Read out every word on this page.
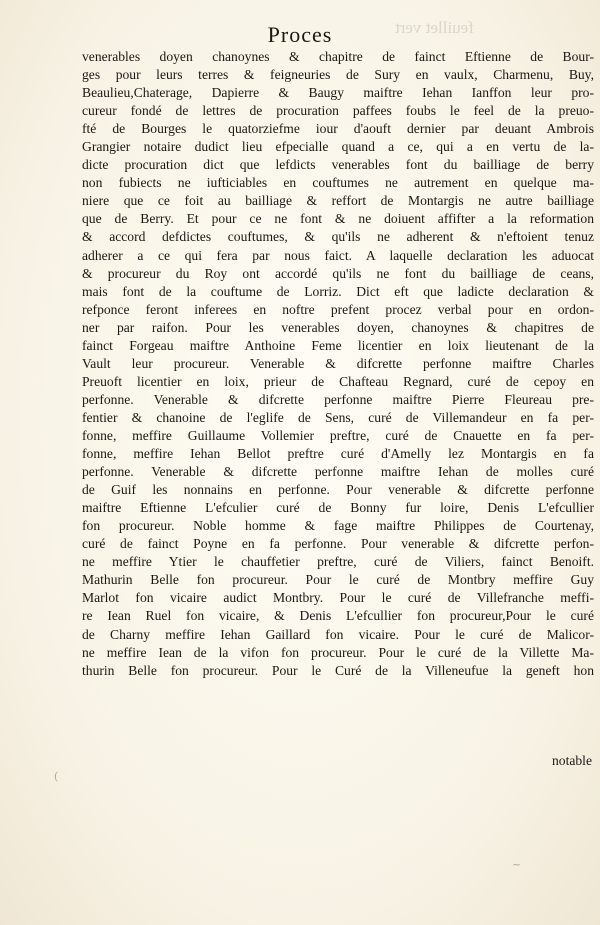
feuillet vert
Proces
venerables doyen chanoynes & chapitre de fainct Eftienne de Bour-
ges pour leurs terres & feigneuries de Sury en vaulx, Charmenu, Buy,
Beaulieu,Chaterage, Dapierre & Baugy maiftre Iehan Ianffon leur pro-
cureur fondé de lettres de procuration paffees foubs le feel de la preuo-
fté de Bourges le quatorziefme iour d'aouft dernier par deuant Ambrois
Grangier notaire dudict lieu efpecialle quand a ce, qui a en vertu de la-
dicte procuration dict que lefdicts venerables font du bailliage de berry
non fubiects ne iufticiables en couftumes ne autrement en quelque ma-
niere que ce foit au bailliage & reffort de Montargis ne autre bailliage
que de Berry. Et pour ce ne font & ne doiuent affifter a la reformation
& accord defdictes couftumes, & qu'ils ne adherent & n'eftoient tenuz
adherer a ce qui fera par nous faict. A laquelle declaration les aduocat
& procureur du Roy ont accordé qu'ils ne font du bailliage de ceans,
mais font de la couftume de Lorriz. Dict eft que ladicte declaration &
refponce feront inferees en noftre prefent procez verbal pour en ordon-
ner par raifon. Pour les venerables doyen, chanoynes & chapitres de
fainct Forgeau maiftre Anthoine Feme licentier en loix lieutenant de la
Vault leur procureur. Venerable & difcrette perfonne maiftre Charles
Preuoft licentier en loix, prieur de Chafteau Regnard, curé de cepoy en
perfonne. Venerable & difcrette perfonne maiftre Pierre Fleureau pre-
fentier & chanoine de l'eglife de Sens, curé de Villemandeur en fa per-
fonne, meffire Guillaume Vollemier preftre, curé de Cnauette en fa per-
fonne, meffire Iehan Bellot preftre curé d'Amelly lez Montargis en fa
perfonne. Venerable & difcrette perfonne maiftre Iehan de molles curé
de Guif les nonnains en perfonne. Pour venerable & difcrette perfonne
maiftre Eftienne L'efculier curé de Bonny fur loire, Denis L'efcullier
fon procureur. Noble homme & fage maiftre Philippes de Courtenay,
curé de fainct Poyne en fa perfonne. Pour venerable & difcrette perfon-
ne meffire Ytier le chauffetier preftre, curé de Viliers, fainct Benoift.
Mathurin Belle fon procureur. Pour le curé de Montbry meffire Guy
Marlot fon vicaire audict Montbry. Pour le curé de Villefranche meffi-
re Iean Ruel fon vicaire, & Denis L'efcullier fon procureur,Pour le curé
de Charny meffire Iehan Gaillard fon vicaire. Pour le curé de Malicor-
ne meffire Iean de la vifon fon procureur. Pour le curé de la Villette Ma-
thurin Belle fon procureur. Pour le Curé de la Villeneufue la geneft hon
notable
(
~
